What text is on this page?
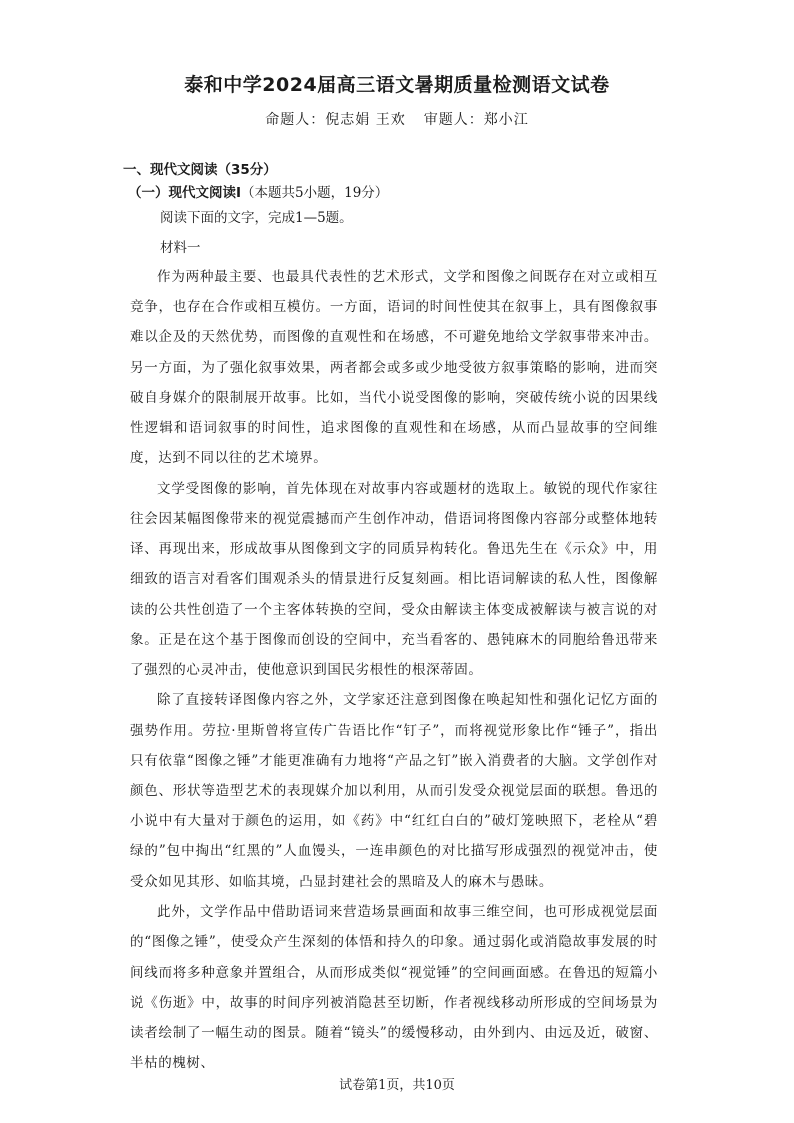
泰和中学2024届高三语文暑期质量检测语文试卷
命题人：倪志娟 王欢 审题人：郑小江
一、现代文阅读（35分）
（一）现代文阅读Ⅰ（本题共5小题，19分）
阅读下面的文字，完成1—5题。
材料一

作为两种最主要、也最具代表性的艺术形式，文学和图像之间既存在对立或相互竞争，也存在合作或相互模仿。一方面，语词的时间性使其在叙事上，具有图像叙事难以企及的天然优势，而图像的直观性和在场感，不可避免地给文学叙事带来冲击。另一方面，为了强化叙事效果，两者都会或多或少地受彼方叙事策略的影响，进而突破自身媒介的限制展开故事。比如，当代小说受图像的影响，突破传统小说的因果线性逻辑和语词叙事的时间性，追求图像的直观性和在场感，从而凸显故事的空间维度，达到不同以往的艺术境界。

文学受图像的影响，首先体现在对故事内容或题材的选取上。敏锐的现代作家往往会因某幅图像带来的视觉震撼而产生创作冲动，借语词将图像内容部分或整体地转译、再现出来，形成故事从图像到文字的同质异构转化。鲁迅先生在《示众》中，用细致的语言对看客们围观杀头的情景进行反复刻画。相比语词解读的私人性，图像解读的公共性创造了一个主客体转换的空间，受众由解读主体变成被解读与被言说的对象。正是在这个基于图像而创设的空间中，充当看客的、愚钝麻木的同胞给鲁迅带来了强烈的心灵冲击，使他意识到国民劣根性的根深蒂固。

除了直接转译图像内容之外，文学家还注意到图像在唤起知性和强化记忆方面的强势作用。劳拉·里斯曾将宣传广告语比作“钉子”，而将视觉形象比作“锤子”，指出只有依靠“图像之锤”才能更准确有力地将“产品之钉”嵌入消费者的大脑。文学创作对颜色、形状等造型艺术的表现媒介加以利用，从而引发受众视觉层面的联想。鲁迅的小说中有大量对于颜色的运用，如《药》中“红红白白的”破灯笼映照下，老栓从“碧绿的”包中掏出“红黑的”人血馒头，一连串颜色的对比描写形成强烈的视觉冲击，使受众如见其形、如临其境，凸显封建社会的黑暗及人的麻木与愚昧。

此外，文学作品中借助语词来营造场景画面和故事三维空间，也可形成视觉层面的“图像之锤”，使受众产生深刻的体悟和持久的印象。通过弱化或消隐故事发展的时间线而将多种意象并置组合，从而形成类似“视觉锤”的空间画面感。在鲁迅的短篇小说《伤逝》中，故事的时间序列被消隐甚至切断，作者视线移动所形成的空间场景为读者绘制了一幅生动的图景。随着“镜头”的缓慢移动，由外到内、由远及近，破窗、半枯的槐树、

试卷第1页，共10页
